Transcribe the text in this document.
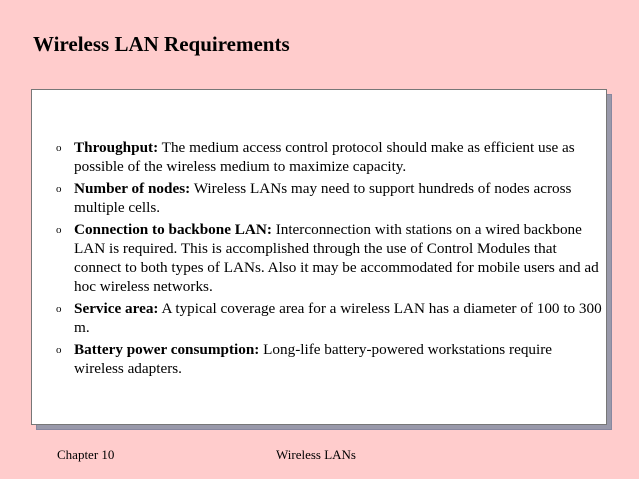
Wireless LAN Requirements
o Throughput: The medium access control protocol should make as efficient use as possible of the wireless medium to maximize capacity.
o Number of nodes: Wireless LANs may need to support hundreds of nodes across multiple cells.
o Connection to backbone LAN: Interconnection with stations on a wired backbone LAN is required. This is accomplished through the use of Control Modules that connect to both types of LANs. Also it may be accommodated for mobile users and ad hoc wireless networks.
o Service area: A typical coverage area for a wireless LAN has a diameter of 100 to 300 m.
o Battery power consumption: Long-life battery-powered workstations require wireless adapters.
Chapter 10	Wireless LANs
